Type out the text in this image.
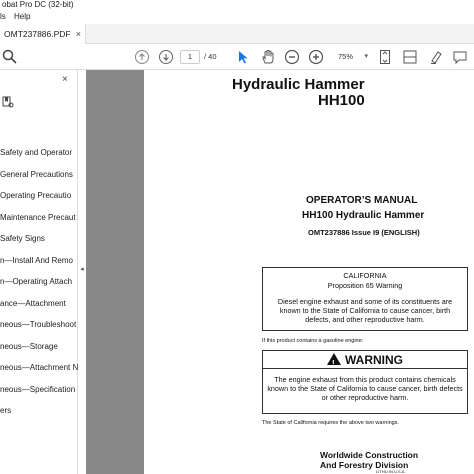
obat Pro DC (32-bit)
ls Help
OMT237886.PDF ×
1	/ 40	75% ▾
×
Safety and Operator
General Precautions
Operating Precautio
Maintenance Precaut
Safety Signs
n—Install And Remo
n—Operating Attach
ance—Attachment
neous—Troubleshoot
neous—Storage
neous—Attachment N
neous—Specification
ers
◂
Hydraulic Hammer
HH100
OPERATOR’S MANUAL
HH100 Hydraulic Hammer
OMT237886 Issue I9 (ENGLISH)
CALIFORNIA
Proposition 65 Warning
Diesel engine exhaust and some of its constituents are known to the State of California to cause cancer, birth defects, and other reproductive harm.
If this product contains a gasoline engine:
! WARNING
The engine exhaust from this product contains chemicals known to the State of California to cause cancer, birth defects or other reproductive harm.
The State of California requires the above two warnings.
Worldwide Construction
And Forestry Division
LITHO IN U.S.A.
